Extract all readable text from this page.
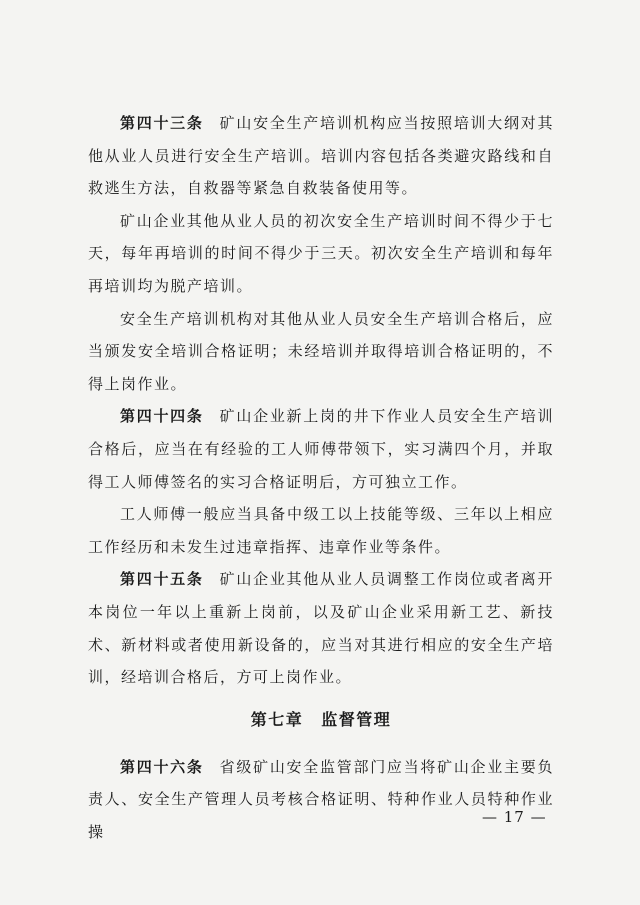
第四十三条 矿山安全生产培训机构应当按照培训大纲对其他从业人员进行安全生产培训。培训内容包括各类避灾路线和自救逃生方法，自救器等紧急自救装备使用等。

矿山企业其他从业人员的初次安全生产培训时间不得少于七天，每年再培训的时间不得少于三天。初次安全生产培训和每年再培训均为脱产培训。

安全生产培训机构对其他从业人员安全生产培训合格后，应当颁发安全培训合格证明；未经培训并取得培训合格证明的，不得上岗作业。

第四十四条 矿山企业新上岗的井下作业人员安全生产培训合格后，应当在有经验的工人师傅带领下，实习满四个月，并取得工人师傅签名的实习合格证明后，方可独立工作。

工人师傅一般应当具备中级工以上技能等级、三年以上相应工作经历和未发生过违章指挥、违章作业等条件。

第四十五条 矿山企业其他从业人员调整工作岗位或者离开本岗位一年以上重新上岗前，以及矿山企业采用新工艺、新技术、新材料或者使用新设备的，应当对其进行相应的安全生产培训，经培训合格后，方可上岗作业。

第七章 监督管理

第四十六条 省级矿山安全监管部门应当将矿山企业主要负责人、安全生产管理人员考核合格证明、特种作业人员特种作业操

— 17 —
